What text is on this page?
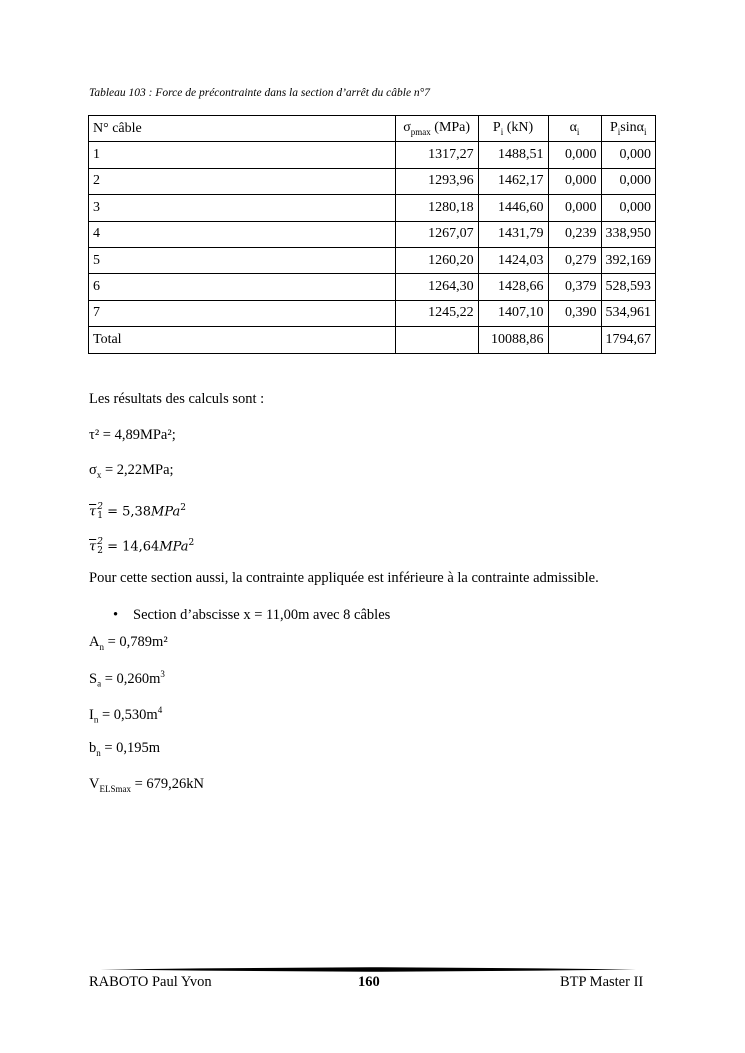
Tableau 103 : Force de précontrainte dans la section d’arrêt du câble n°7
N° câble	$\sigma_{pmax}$ (MPa)	$P_i$ (kN)	$\alpha_i$	$P_i\sin\alpha_i$
1	1317,27	1488,51	0,000	0,000
2	1293,96	1462,17	0,000	0,000
3	1280,18	1446,60	0,000	0,000
4	1267,07	1431,79	0,239	338,950
5	1260,20	1424,03	0,279	392,169
6	1264,30	1428,66	0,379	528,593
7	1245,22	1407,10	0,390	534,961
Total		10088,86		1794,67
Les résultats des calculs sont :
τ² = 4,89MPa²;
$\sigma_x = 2,22MPa$;
$\overline{\tau}$ 2
1 = 5,38MPa$^2$
$\overline{\tau}$ 2
2 = 14,64MPa$^2$
Pour cette section aussi, la contrainte appliquée est inférieure à la contrainte admissible.
• Section d’abscisse x = 11,00m avec 8 câbles
$A_n = 0,789m^2$
$S_a = 0,260m^3$
$I_n = 0,530m^4$
$b_n = 0,195m$
$V_{ELSmax} = 679,26kN$
RABOTO Paul Yvon	160	BTP Master II
